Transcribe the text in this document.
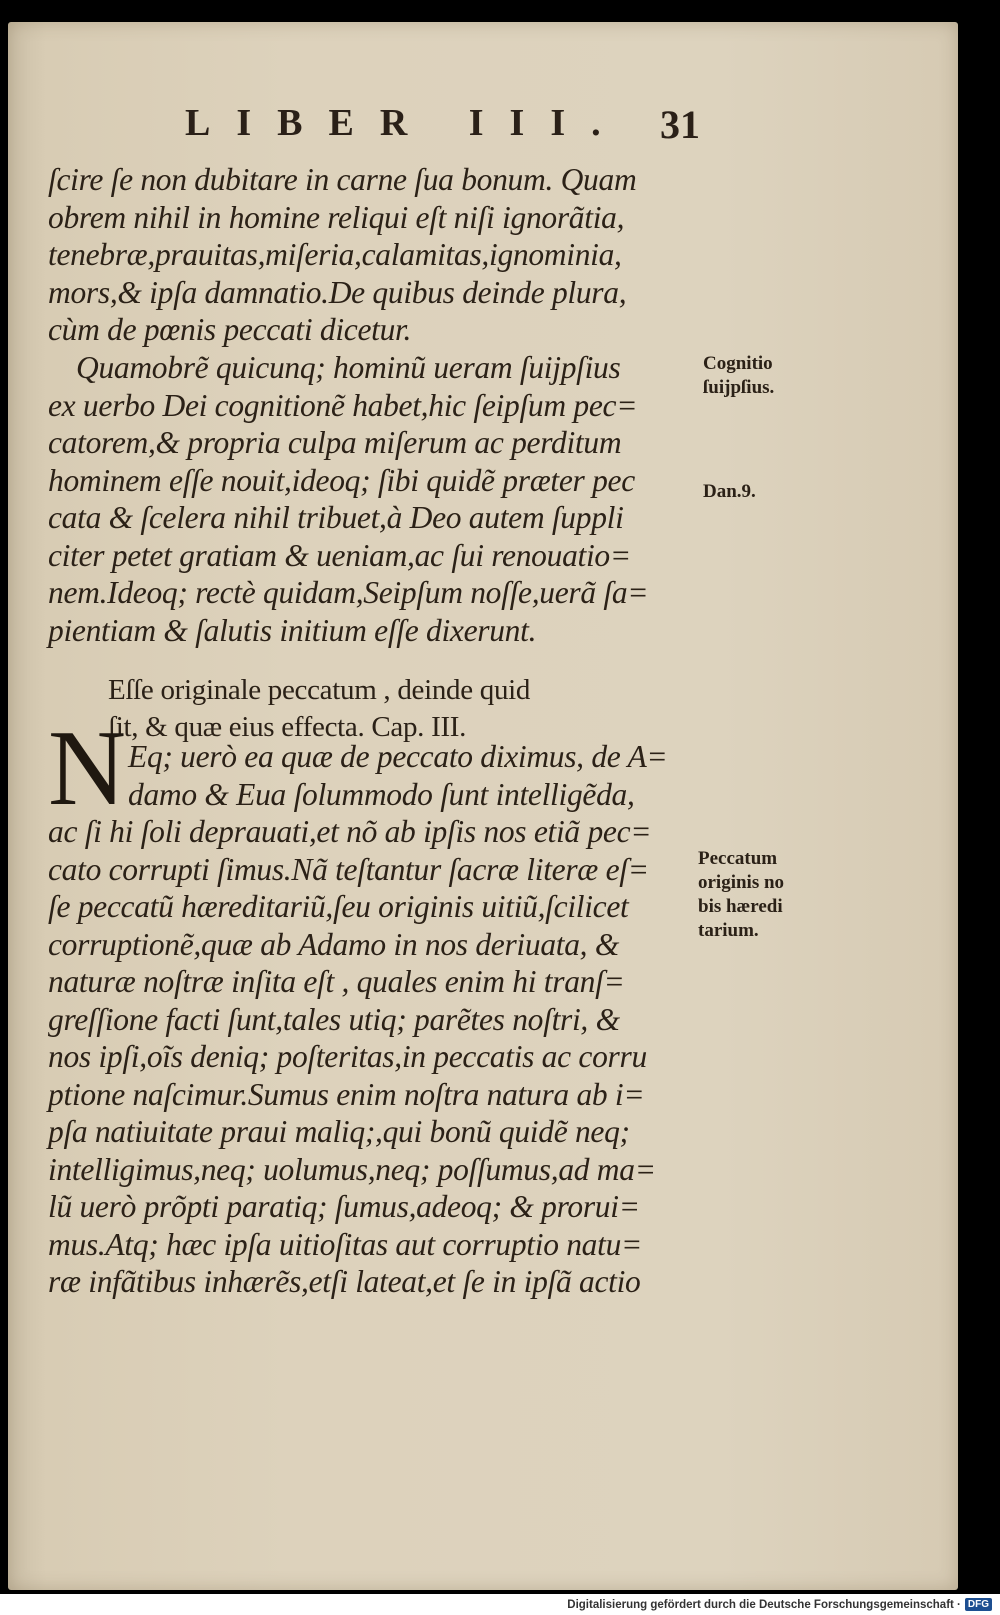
LIBER III. 31
ſcire ſe non dubitare in carne ſua bonum. Quam
obrem nihil in homine reliqui eſt niſi ignorãtia,
tenebræ,prauitas,miſeria,calamitas,ignominia,
mors,& ipſa damnatio.De quibus deinde plura,
cùm de pœnis peccati dicetur.
Quamobrẽ quicunq; hominũ ueram ſuijpſius
ex uerbo Dei cognitionẽ habet,hic ſeipſum pec=
catorem,& propria culpa miſerum ac perditum
hominem eſſe nouit,ideoq; ſibi quidẽ præter pec
cata & ſcelera nihil tribuet,à Deo autem ſuppli
citer petet gratiam & ueniam,ac ſui renouatio=
nem.Ideoq; rectè quidam,Seipſum noſſe,uerã ſa=
pientiam & ſalutis initium eſſe dixerunt.
Eſſe originale peccatum , deinde quid
ſit, & quæ eius effecta. Cap. III.
N Eq; uerò ea quæ de peccato diximus, de A=
damo & Eua ſolummodo ſunt intelligẽda,
ac ſi hi ſoli deprauati,et nõ ab ipſis nos etiã pec=
cato corrupti ſimus.Nã teſtantur ſacræ literæ eſ=
ſe peccatũ hæreditariũ,ſeu originis uitiũ,ſcilicet
corruptionẽ,quæ ab Adamo in nos deriuata, &
naturæ noſtræ inſita eſt , quales enim hi tranſ=
greſſione facti ſunt,tales utiq; parẽtes noſtri, &
nos ipſi,oĩs deniq; poſteritas,in peccatis ac corru
ptione naſcimur.Sumus enim noſtra natura ab i=
pſa natiuitate praui maliq;,qui bonũ quidẽ neq;
intelligimus,neq; uolumus,neq; poſſumus,ad ma=
lũ uerò prõpti paratiq; ſumus,adeoq; & prorui=
mus.Atq; hæc ipſa uitioſitas aut corruptio natu=
ræ infãtibus inhærẽs,etſi lateat,et ſe in ipſã actio
Cognitio
ſuijpſius.
Dan.9.
Peccatum
originis no
bis hæredi
tarium.
Digitalisierung gefördert durch die Deutsche Forschungsgemeinschaft · DFG
